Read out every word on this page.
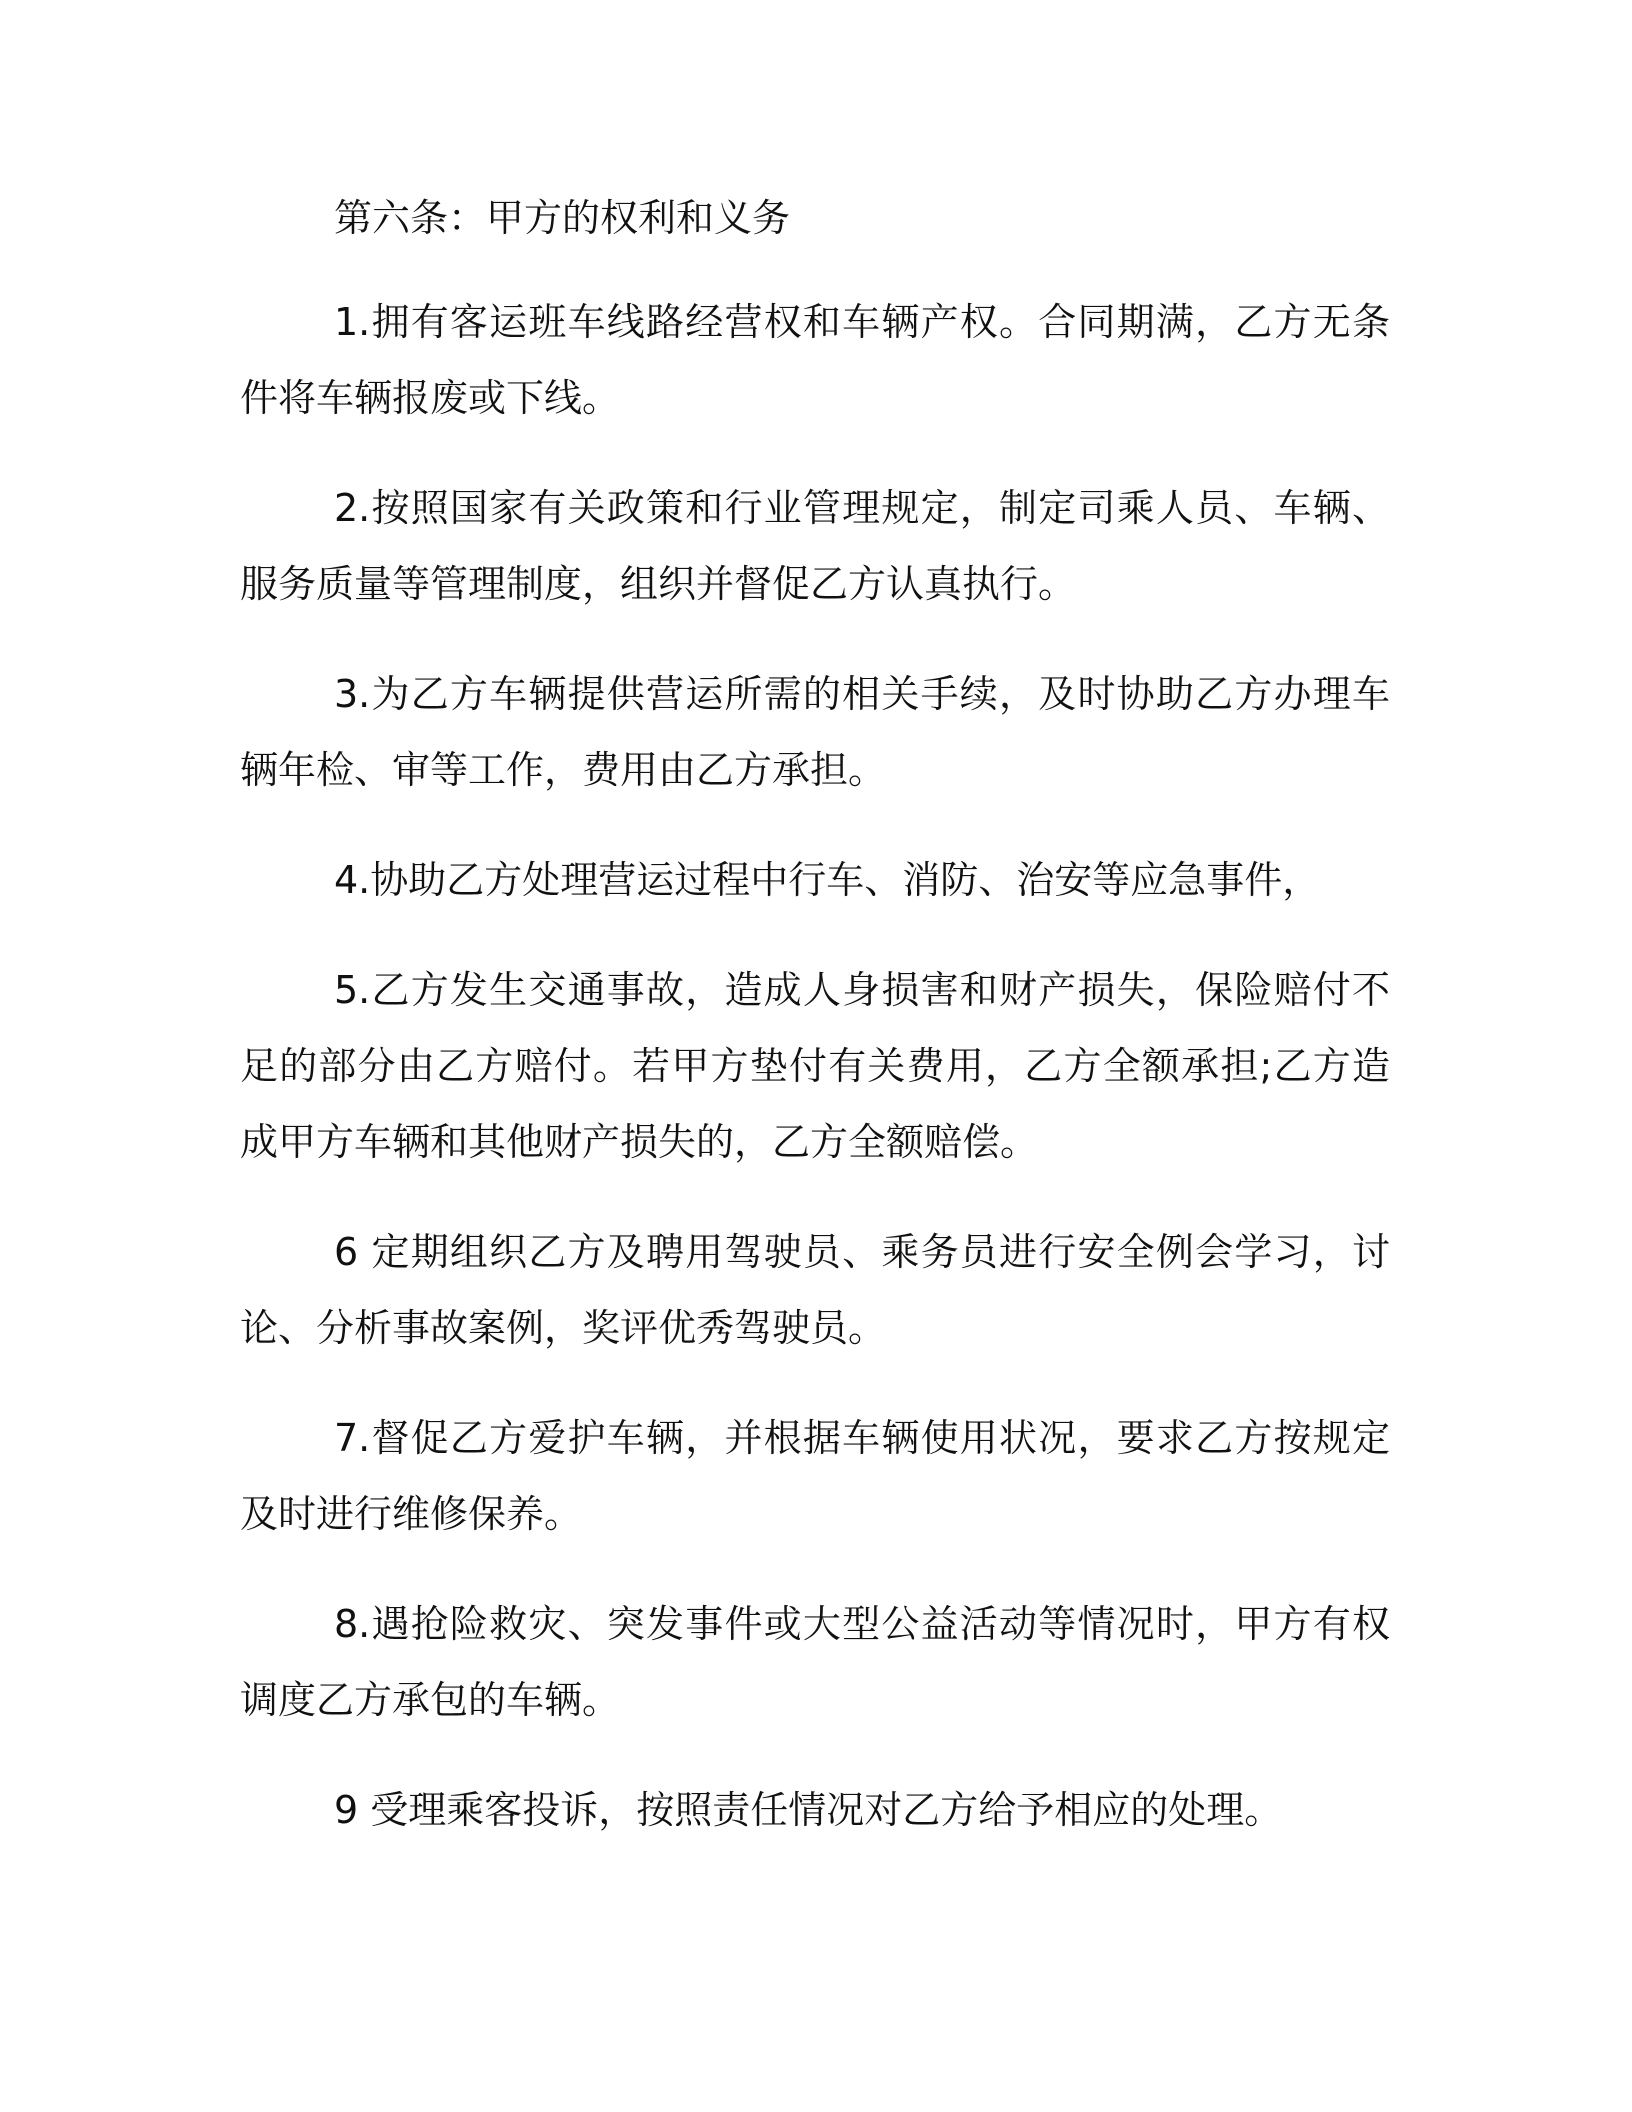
第六条：甲方的权利和义务

1.拥有客运班车线路经营权和车辆产权。合同期满，乙方无条件将车辆报废或下线。

2.按照国家有关政策和行业管理规定，制定司乘人员、车辆、服务质量等管理制度，组织并督促乙方认真执行。

3.为乙方车辆提供营运所需的相关手续，及时协助乙方办理车辆年检、审等工作，费用由乙方承担。

4.协助乙方处理营运过程中行车、消防、治安等应急事件，

5.乙方发生交通事故，造成人身损害和财产损失，保险赔付不足的部分由乙方赔付。若甲方垫付有关费用，乙方全额承担;乙方造成甲方车辆和其他财产损失的，乙方全额赔偿。

6 定期组织乙方及聘用驾驶员、乘务员进行安全例会学习，讨论、分析事故案例，奖评优秀驾驶员。

7.督促乙方爱护车辆，并根据车辆使用状况，要求乙方按规定及时进行维修保养。

8.遇抢险救灾、突发事件或大型公益活动等情况时，甲方有权调度乙方承包的车辆。

9 受理乘客投诉，按照责任情况对乙方给予相应的处理。
